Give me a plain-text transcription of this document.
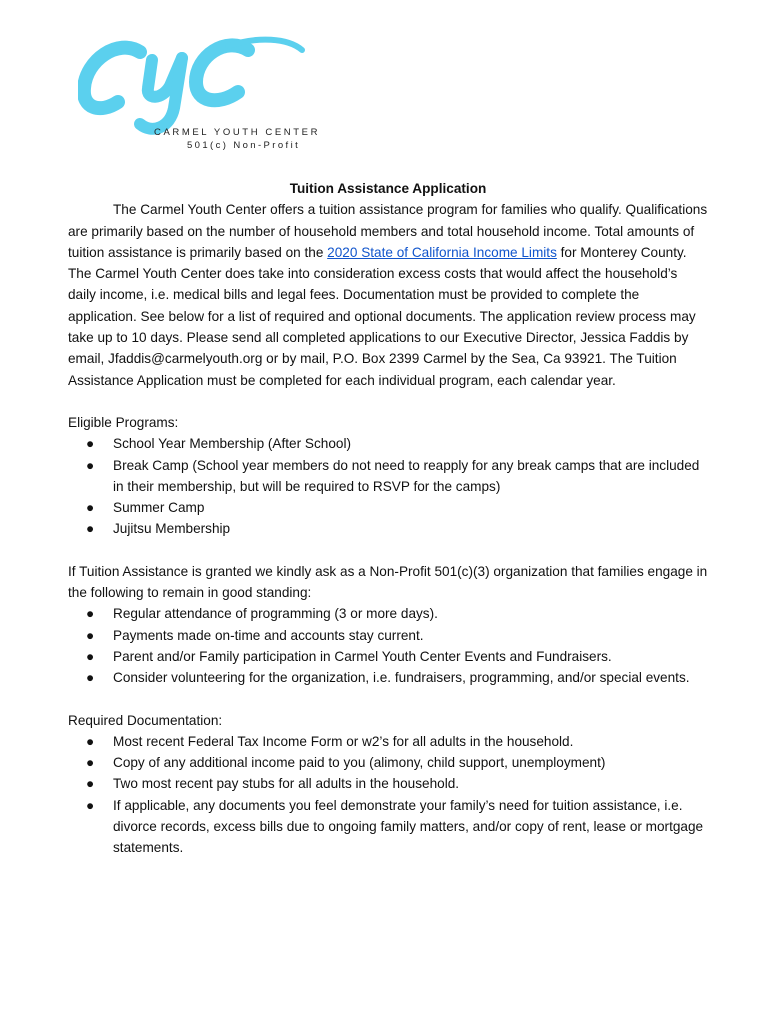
CARMEL YOUTH CENTER
501(c) Non-Profit

Tuition Assistance Application

The Carmel Youth Center offers a tuition assistance program for families who qualify. Qualifications are primarily based on the number of household members and total household income. Total amounts of tuition assistance is primarily based on the 2020 State of California Income Limits for Monterey County. The Carmel Youth Center does take into consideration excess costs that would affect the household’s daily income, i.e. medical bills and legal fees. Documentation must be provided to complete the application. See below for a list of required and optional documents. The application review process may take up to 10 days. Please send all completed applications to our Executive Director, Jessica Faddis by email, Jfaddis@carmelyouth.org or by mail, P.O. Box 2399 Carmel by the Sea, Ca 93921. The Tuition Assistance Application must be completed for each individual program, each calendar year.

Eligible Programs:

● School Year Membership (After School)
● Break Camp (School year members do not need to reapply for any break camps that are included in their membership, but will be required to RSVP for the camps)
● Summer Camp
● Jujitsu Membership

If Tuition Assistance is granted we kindly ask as a Non-Profit 501(c)(3) organization that families engage in the following to remain in good standing:

● Regular attendance of programming (3 or more days).
● Payments made on-time and accounts stay current.
● Parent and/or Family participation in Carmel Youth Center Events and Fundraisers.
● Consider volunteering for the organization, i.e. fundraisers, programming, and/or special events.

Required Documentation:

● Most recent Federal Tax Income Form or w2’s for all adults in the household.
● Copy of any additional income paid to you (alimony, child support, unemployment)
● Two most recent pay stubs for all adults in the household.
● If applicable, any documents you feel demonstrate your family’s need for tuition assistance, i.e. divorce records, excess bills due to ongoing family matters, and/or copy of rent, lease or mortgage statements.
